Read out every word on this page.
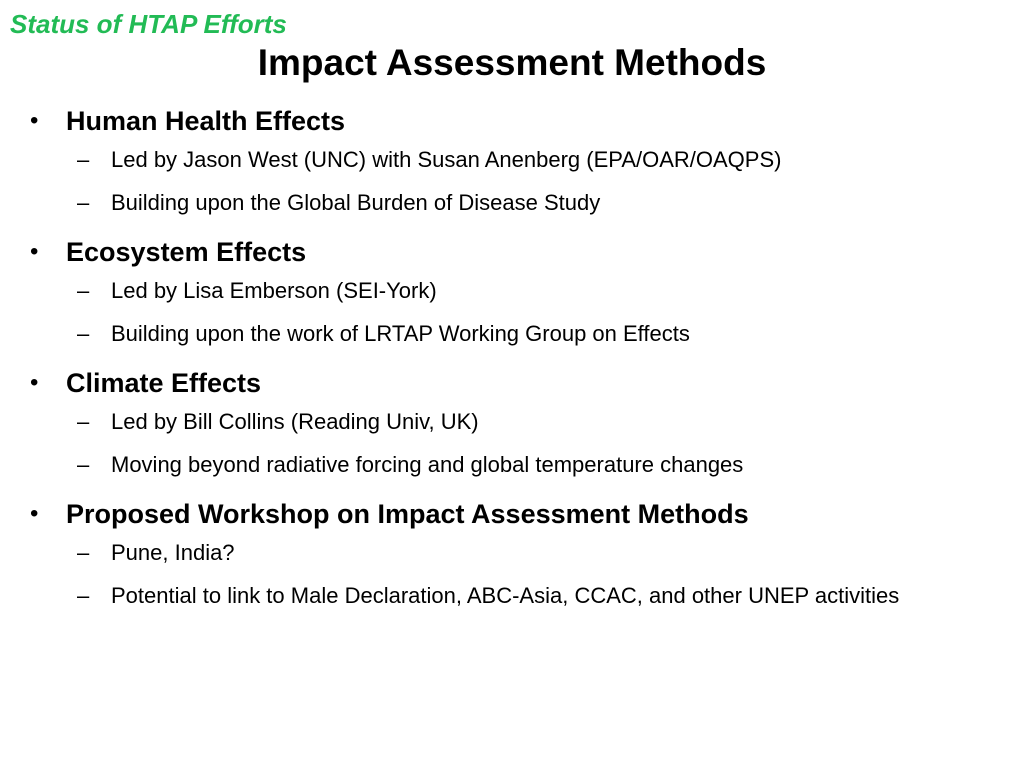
Status of HTAP Efforts
Impact Assessment Methods
• Human Health Effects
– Led by Jason West (UNC) with Susan Anenberg (EPA/OAR/OAQPS)
– Building upon the Global Burden of Disease Study
• Ecosystem Effects
– Led by Lisa Emberson (SEI-York)
– Building upon the work of LRTAP Working Group on Effects
• Climate Effects
– Led by Bill Collins (Reading Univ, UK)
– Moving beyond radiative forcing and global temperature changes
• Proposed Workshop on Impact Assessment Methods
– Pune, India?
– Potential to link to Male Declaration, ABC-Asia, CCAC, and other UNEP activities
